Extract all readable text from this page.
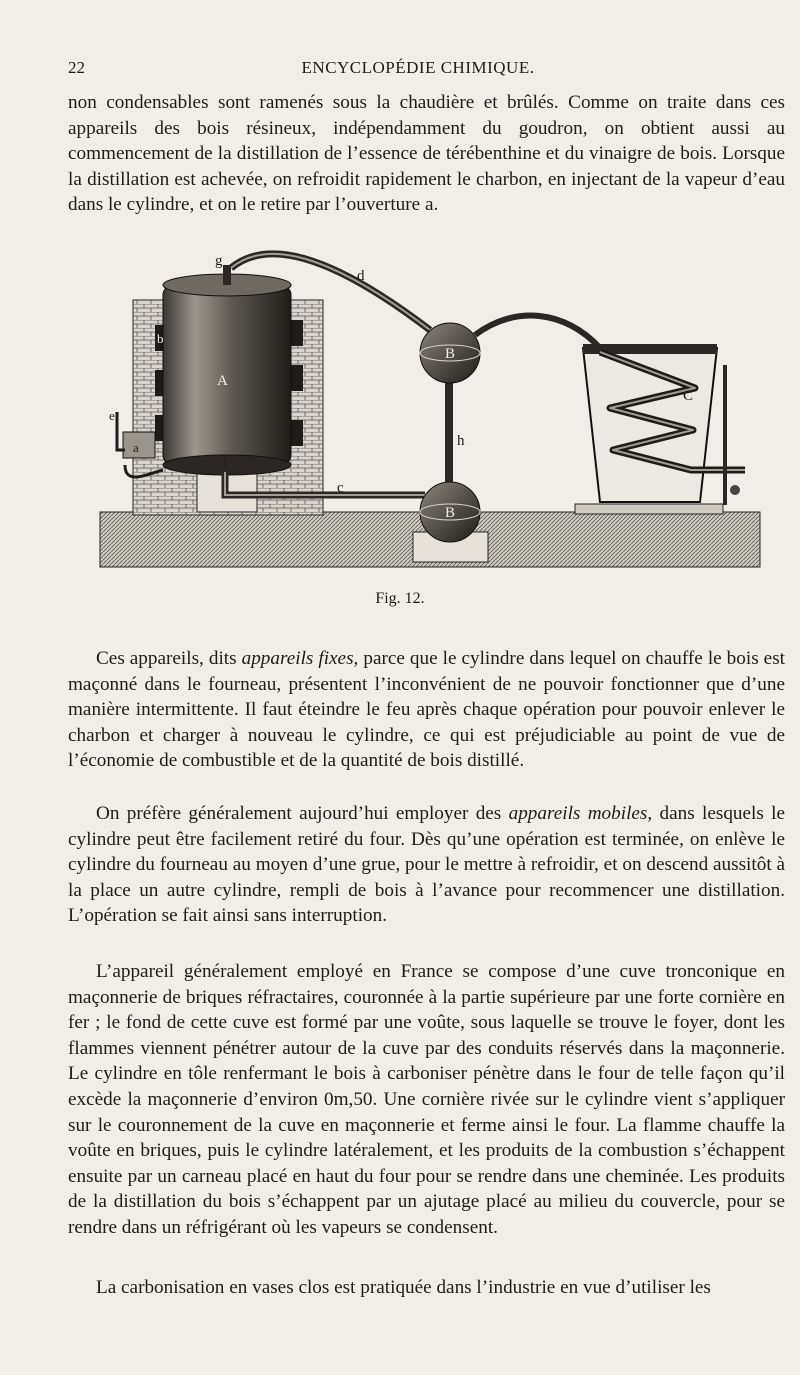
22	ENCYCLOPÉDIE CHIMIQUE.

non condensables sont ramenés sous la chaudière et brûlés. Comme on traite dans ces appareils des bois résineux, indépendamment du goudron, on obtient aussi au commencement de la distillation de l’essence de térébenthine et du vinaigre de bois. Lorsque la distillation est achevée, on refroidit rapidement le charbon, en injectant de la vapeur d’eau dans le cylindre, et on le retire par l’ouverture a.

g
d
A
b
e
a
i
c
h
B
B
C
Fig. 12.

Ces appareils, dits appareils fixes, parce que le cylindre dans lequel on chauffe le bois est maçonné dans le fourneau, présentent l’inconvénient de ne pouvoir fonctionner que d’une manière intermittente. Il faut éteindre le feu après chaque opération pour pouvoir enlever le charbon et charger à nouveau le cylindre, ce qui est préjudiciable au point de vue de l’économie de combustible et de la quantité de bois distillé.

On préfère généralement aujourd’hui employer des appareils mobiles, dans lesquels le cylindre peut être facilement retiré du four. Dès qu’une opération est terminée, on enlève le cylindre du fourneau au moyen d’une grue, pour le mettre à refroidir, et on descend aussitôt à la place un autre cylindre, rempli de bois à l’avance pour recommencer une distillation. L’opération se fait ainsi sans interruption.

L’appareil généralement employé en France se compose d’une cuve tronconique en maçonnerie de briques réfractaires, couronnée à la partie supérieure par une forte cornière en fer ; le fond de cette cuve est formé par une voûte, sous laquelle se trouve le foyer, dont les flammes viennent pénétrer autour de la cuve par des conduits réservés dans la maçonnerie. Le cylindre en tôle renfermant le bois à carboniser pénètre dans le four de telle façon qu’il excède la maçonnerie d’environ 0m,50. Une cornière rivée sur le cylindre vient s’appliquer sur le couronnement de la cuve en maçonnerie et ferme ainsi le four. La flamme chauffe la voûte en briques, puis le cylindre latéralement, et les produits de la combustion s’échappent ensuite par un carneau placé en haut du four pour se rendre dans une cheminée. Les produits de la distillation du bois s’échappent par un ajutage placé au milieu du couvercle, pour se rendre dans un réfrigérant où les vapeurs se condensent.

La carbonisation en vases clos est pratiquée dans l’industrie en vue d’utiliser les
